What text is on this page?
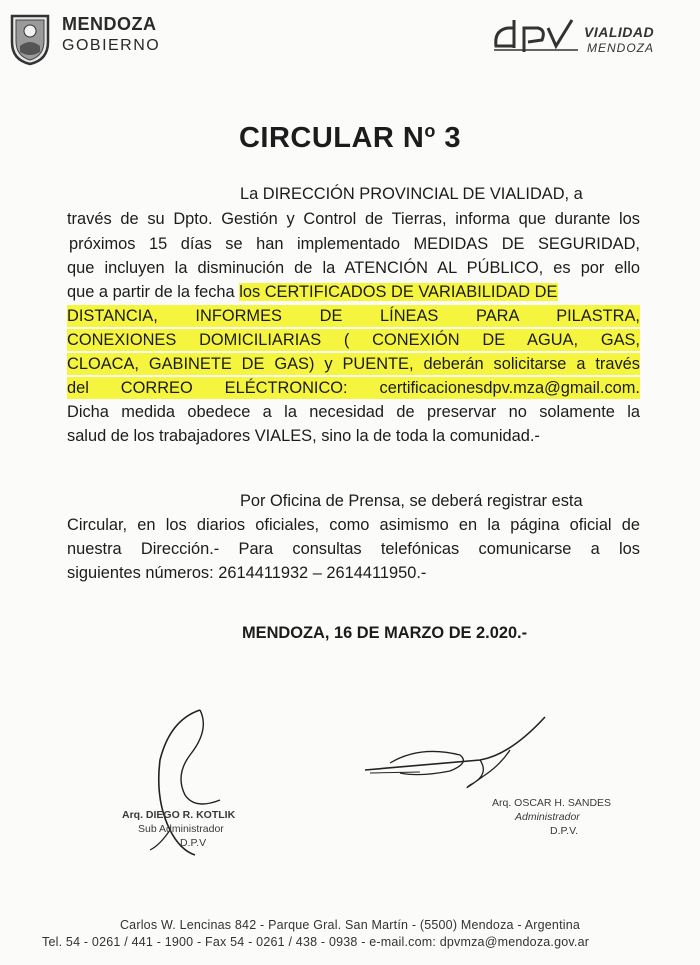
MENDOZA
GOBIERNO
VIALIDAD
MENDOZA
CIRCULAR $N^o$ 3
La DIRECCIÓN PROVINCIAL DE VIALIDAD, a
través de su Dpto. Gestión y Control de Tierras, informa que durante los
próximos 15 días se han implementado MEDIDAS DE SEGURIDAD,
que incluyen la disminución de la ATENCIÓN AL PÚBLICO, es por ello
que a partir de la fecha los CERTIFICADOS DE VARIABILIDAD DE
DISTANCIA, INFORMES DE LÍNEAS PARA PILASTRA,
CONEXIONES DOMICILIARIAS ( CONEXIÓN DE AGUA, GAS,
CLOACA, GABINETE DE GAS) y PUENTE, deberán solicitarse a través
del CORREO ELÉCTRONICO: certificacionesdpv.mza@gmail.com.
Dicha medida obedece a la necesidad de preservar no solamente la
salud de los trabajadores VIALES, sino la de toda la comunidad.-
Por Oficina de Prensa, se deberá registrar esta
Circular, en los diarios oficiales, como asimismo en la página oficial de
nuestra Dirección.- Para consultas telefónicas comunicarse a los
siguientes números: 2614411932 – 2614411950.-
MENDOZA, 16 DE MARZO DE 2.020.-
Arq. DIEGO R. KOTLIK
Sub Administrador
D.P.V
Arq. OSCAR H. SANDES
Administrador
D.P.V.
Carlos W. Lencinas 842 - Parque Gral. San Martín - (5500) Mendoza - Argentina
Tel. 54 - 0261 / 441 - 1900 - Fax 54 - 0261 / 438 - 0938 - e-mail.com: dpvmza@mendoza.gov.ar
